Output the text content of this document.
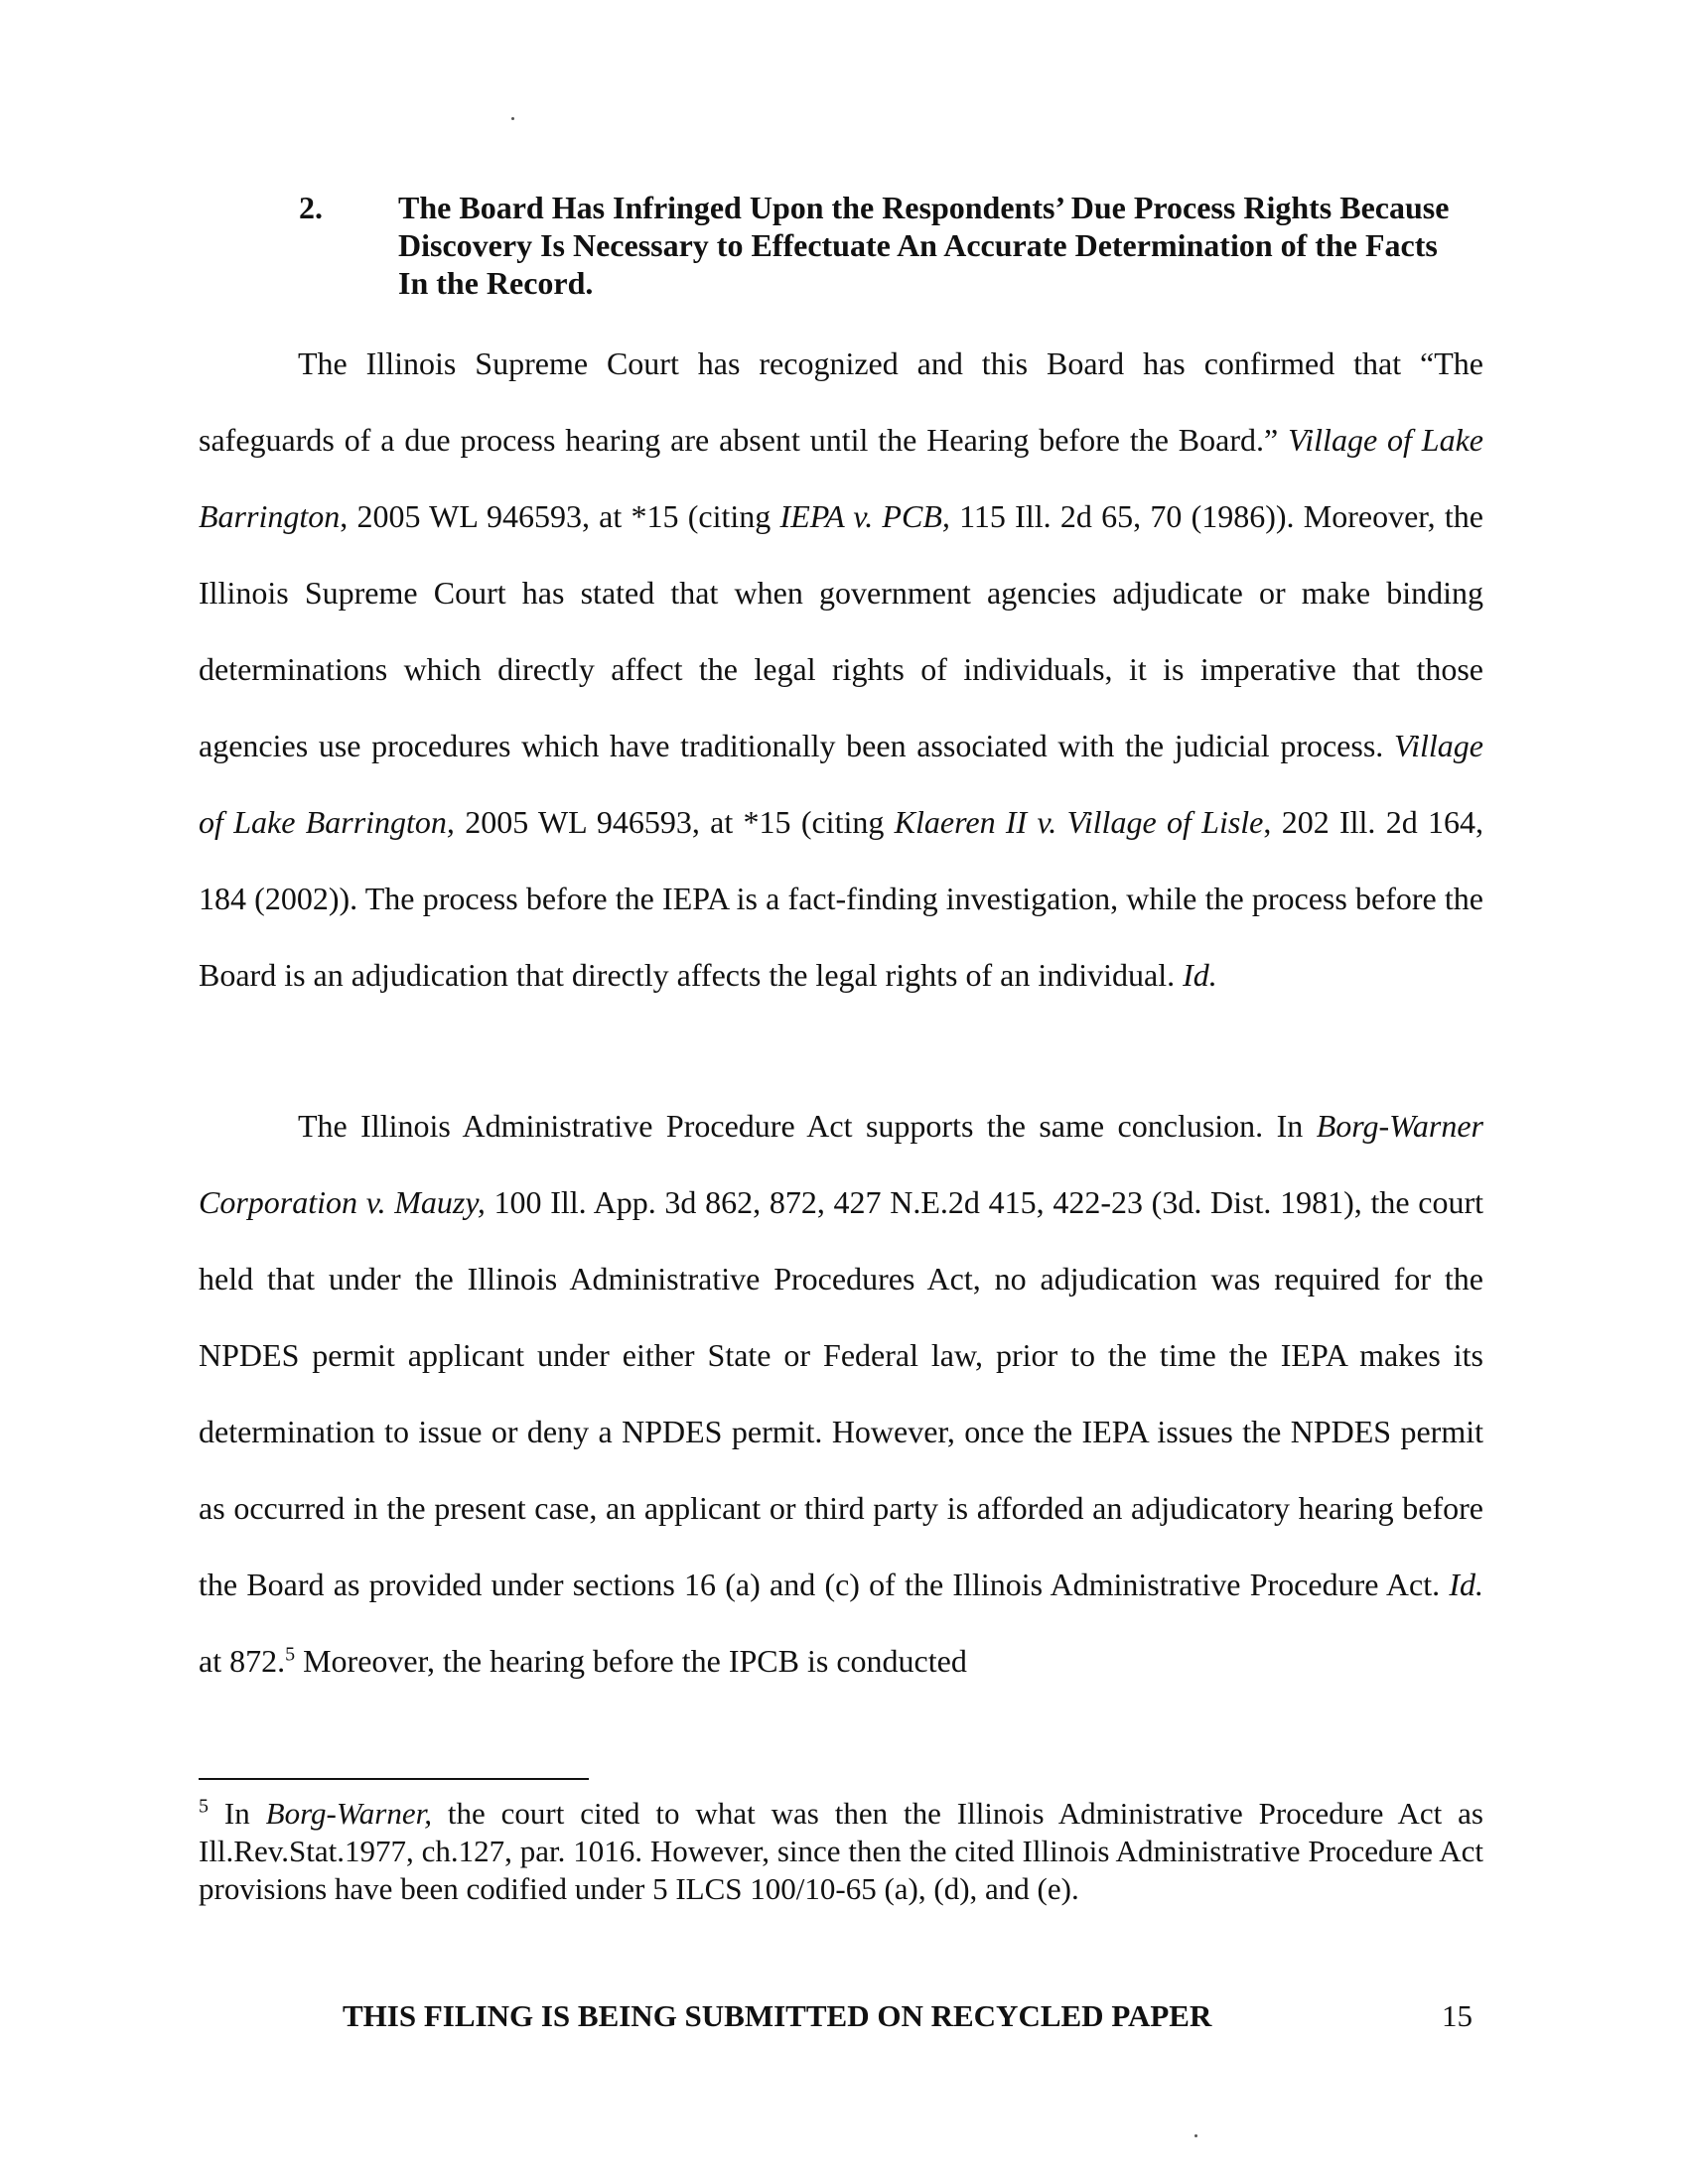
2. The Board Has Infringed Upon the Respondents’ Due Process Rights Because Discovery Is Necessary to Effectuate An Accurate Determination of the Facts In the Record.

The Illinois Supreme Court has recognized and this Board has confirmed that “The safeguards of a due process hearing are absent until the Hearing before the Board.” Village of Lake Barrington, 2005 WL 946593, at *15 (citing IEPA v. PCB, 115 Ill. 2d 65, 70 (1986)). Moreover, the Illinois Supreme Court has stated that when government agencies adjudicate or make binding determinations which directly affect the legal rights of individuals, it is imperative that those agencies use procedures which have traditionally been associated with the judicial process. Village of Lake Barrington, 2005 WL 946593, at *15 (citing Klaeren II v. Village of Lisle, 202 Ill. 2d 164, 184 (2002)). The process before the IEPA is a fact-finding investigation, while the process before the Board is an adjudication that directly affects the legal rights of an individual. Id.

The Illinois Administrative Procedure Act supports the same conclusion. In Borg-Warner Corporation v. Mauzy, 100 Ill. App. 3d 862, 872, 427 N.E.2d 415, 422-23 (3d. Dist. 1981), the court held that under the Illinois Administrative Procedures Act, no adjudication was required for the NPDES permit applicant under either State or Federal law, prior to the time the IEPA makes its determination to issue or deny a NPDES permit. However, once the IEPA issues the NPDES permit as occurred in the present case, an applicant or third party is afforded an adjudicatory hearing before the Board as provided under sections 16 (a) and (c) of the Illinois Administrative Procedure Act. Id. at 872.$^5$ Moreover, the hearing before the IPCB is conducted

$^5$ In Borg-Warner, the court cited to what was then the Illinois Administrative Procedure Act as Ill.Rev.Stat.1977, ch.127, par. 1016. However, since then the cited Illinois Administrative Procedure Act provisions have been codified under 5 ILCS 100/10-65 (a), (d), and (e).

THIS FILING IS BEING SUBMITTED ON RECYCLED PAPER	15
